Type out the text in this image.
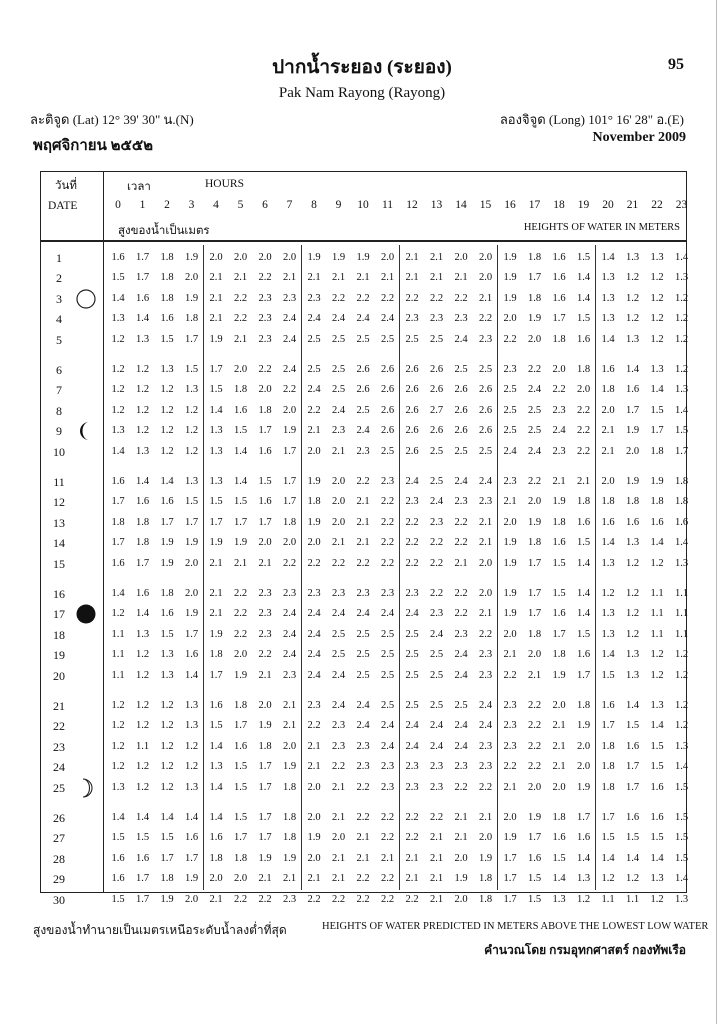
ปากน้ำระยอง (ระยอง)	95
Pak Nam Rayong (Rayong)
ละติจูด (Lat) 12° 39' 30" น.(N)	ลองจิจูด (Long) 101° 16' 28" อ.(E)
พฤศจิกายน ๒๕๕๒
November 2009
วันที่
DATE
เวลา	HOURS
สูงของน้ำเป็นเมตร	HEIGHTS OF WATER IN METERS
0	1	2	3	4	5	6	7	8	9	10	11	12	13	14	15	16	17	18	19	20	21	22	23
1	1.6	1.7	1.8	1.9	2.0	2.0	2.0	2.0	1.9	1.9	1.9	2.0	2.1	2.1	2.0	2.0	1.9	1.8	1.6	1.5	1.4	1.3	1.3	1.4
2	1.5	1.7	1.8	2.0	2.1	2.1	2.2	2.1	2.1	2.1	2.1	2.1	2.1	2.1	2.1	2.0	1.9	1.7	1.6	1.4	1.3	1.2	1.2	1.3
3	1.4	1.6	1.8	1.9	2.1	2.2	2.3	2.3	2.3	2.2	2.2	2.2	2.2	2.2	2.2	2.1	1.9	1.8	1.6	1.4	1.3	1.2	1.2	1.2
4	1.3	1.4	1.6	1.8	2.1	2.2	2.3	2.4	2.4	2.4	2.4	2.4	2.3	2.3	2.3	2.2	2.0	1.9	1.7	1.5	1.3	1.2	1.2	1.2
5	1.2	1.3	1.5	1.7	1.9	2.1	2.3	2.4	2.5	2.5	2.5	2.5	2.5	2.5	2.4	2.3	2.2	2.0	1.8	1.6	1.4	1.3	1.2	1.2
6	1.2	1.2	1.3	1.5	1.7	2.0	2.2	2.4	2.5	2.5	2.6	2.6	2.6	2.6	2.5	2.5	2.3	2.2	2.0	1.8	1.6	1.4	1.3	1.2
7	1.2	1.2	1.2	1.3	1.5	1.8	2.0	2.2	2.4	2.5	2.6	2.6	2.6	2.6	2.6	2.6	2.5	2.4	2.2	2.0	1.8	1.6	1.4	1.3
8	1.2	1.2	1.2	1.2	1.4	1.6	1.8	2.0	2.2	2.4	2.5	2.6	2.6	2.7	2.6	2.6	2.5	2.5	2.3	2.2	2.0	1.7	1.5	1.4
9	1.3	1.2	1.2	1.2	1.3	1.5	1.7	1.9	2.1	2.3	2.4	2.6	2.6	2.6	2.6	2.6	2.5	2.5	2.4	2.2	2.1	1.9	1.7	1.5
10	1.4	1.3	1.2	1.2	1.3	1.4	1.6	1.7	2.0	2.1	2.3	2.5	2.6	2.5	2.5	2.5	2.4	2.4	2.3	2.2	2.1	2.0	1.8	1.7
11	1.6	1.4	1.4	1.3	1.3	1.4	1.5	1.7	1.9	2.0	2.2	2.3	2.4	2.5	2.4	2.4	2.3	2.2	2.1	2.1	2.0	1.9	1.9	1.8
12	1.7	1.6	1.6	1.5	1.5	1.5	1.6	1.7	1.8	2.0	2.1	2.2	2.3	2.4	2.3	2.3	2.1	2.0	1.9	1.8	1.8	1.8	1.8	1.8
13	1.8	1.8	1.7	1.7	1.7	1.7	1.7	1.8	1.9	2.0	2.1	2.2	2.2	2.3	2.2	2.1	2.0	1.9	1.8	1.6	1.6	1.6	1.6	1.6
14	1.7	1.8	1.9	1.9	1.9	1.9	2.0	2.0	2.0	2.1	2.1	2.2	2.2	2.2	2.2	2.1	1.9	1.8	1.6	1.5	1.4	1.3	1.4	1.4
15	1.6	1.7	1.9	2.0	2.1	2.1	2.1	2.2	2.2	2.2	2.2	2.2	2.2	2.2	2.1	2.0	1.9	1.7	1.5	1.4	1.3	1.2	1.2	1.3
16	1.4	1.6	1.8	2.0	2.1	2.2	2.3	2.3	2.3	2.3	2.3	2.3	2.3	2.2	2.2	2.0	1.9	1.7	1.5	1.4	1.2	1.2	1.1	1.1
17	1.2	1.4	1.6	1.9	2.1	2.2	2.3	2.4	2.4	2.4	2.4	2.4	2.4	2.3	2.2	2.1	1.9	1.7	1.6	1.4	1.3	1.2	1.1	1.1
18	1.1	1.3	1.5	1.7	1.9	2.2	2.3	2.4	2.4	2.5	2.5	2.5	2.5	2.4	2.3	2.2	2.0	1.8	1.7	1.5	1.3	1.2	1.1	1.1
19	1.1	1.2	1.3	1.6	1.8	2.0	2.2	2.4	2.4	2.5	2.5	2.5	2.5	2.5	2.4	2.3	2.1	2.0	1.8	1.6	1.4	1.3	1.2	1.2
20	1.1	1.2	1.3	1.4	1.7	1.9	2.1	2.3	2.4	2.4	2.5	2.5	2.5	2.5	2.4	2.3	2.2	2.1	1.9	1.7	1.5	1.3	1.2	1.2
21	1.2	1.2	1.2	1.3	1.6	1.8	2.0	2.1	2.3	2.4	2.4	2.5	2.5	2.5	2.5	2.4	2.3	2.2	2.0	1.8	1.6	1.4	1.3	1.2
22	1.2	1.2	1.2	1.3	1.5	1.7	1.9	2.1	2.2	2.3	2.4	2.4	2.4	2.4	2.4	2.4	2.3	2.2	2.1	1.9	1.7	1.5	1.4	1.2
23	1.2	1.1	1.2	1.2	1.4	1.6	1.8	2.0	2.1	2.3	2.3	2.4	2.4	2.4	2.4	2.3	2.3	2.2	2.1	2.0	1.8	1.6	1.5	1.3
24	1.2	1.2	1.2	1.2	1.3	1.5	1.7	1.9	2.1	2.2	2.3	2.3	2.3	2.3	2.3	2.3	2.2	2.2	2.1	2.0	1.8	1.7	1.5	1.4
25	1.3	1.2	1.2	1.3	1.4	1.5	1.7	1.8	2.0	2.1	2.2	2.3	2.3	2.3	2.2	2.2	2.1	2.0	2.0	1.9	1.8	1.7	1.6	1.5
26	1.4	1.4	1.4	1.4	1.4	1.5	1.7	1.8	2.0	2.1	2.2	2.2	2.2	2.2	2.1	2.1	2.0	1.9	1.8	1.7	1.7	1.6	1.6	1.5
27	1.5	1.5	1.5	1.6	1.6	1.7	1.7	1.8	1.9	2.0	2.1	2.2	2.2	2.1	2.1	2.0	1.9	1.7	1.6	1.6	1.5	1.5	1.5	1.5
28	1.6	1.6	1.7	1.7	1.8	1.8	1.9	1.9	2.0	2.1	2.1	2.1	2.1	2.1	2.0	1.9	1.7	1.6	1.5	1.4	1.4	1.4	1.4	1.5
29	1.6	1.7	1.8	1.9	2.0	2.0	2.1	2.1	2.1	2.1	2.2	2.2	2.1	2.1	1.9	1.8	1.7	1.5	1.4	1.3	1.2	1.2	1.3	1.4
30	1.5	1.7	1.9	2.0	2.1	2.2	2.2	2.3	2.2	2.2	2.2	2.2	2.2	2.1	2.0	1.8	1.7	1.5	1.3	1.2	1.1	1.1	1.2	1.3
สูงของน้ำทำนายเป็นเมตรเหนือระดับน้ำลงต่ำที่สุด	HEIGHTS OF WATER PREDICTED IN METERS ABOVE THE LOWEST LOW WATER
คำนวณโดย กรมอุทกศาสตร์ กองทัพเรือ
